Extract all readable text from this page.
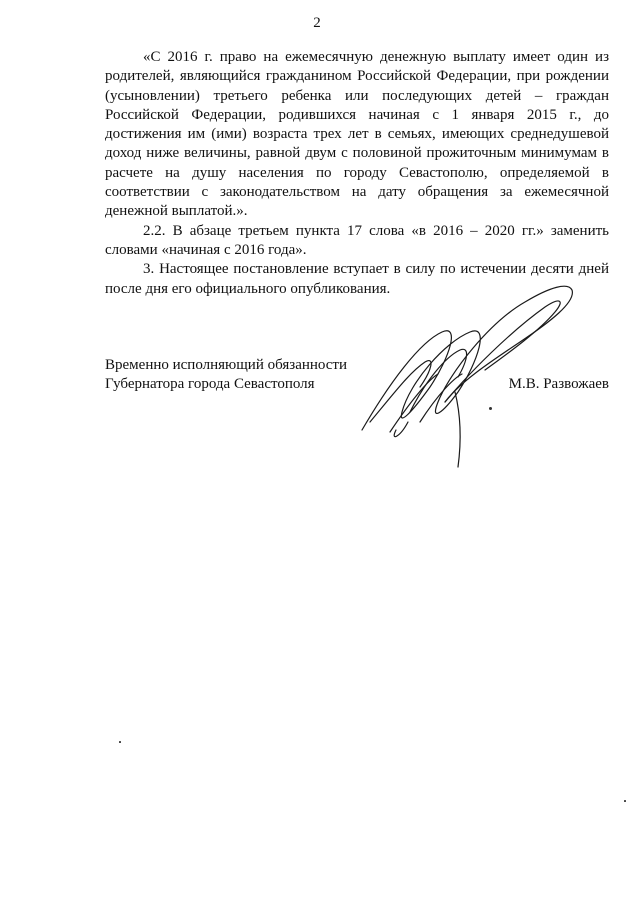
2

«С 2016 г. право на ежемесячную денежную выплату имеет один из родителей, являющийся гражданином Российской Федерации, при рождении (усыновлении) третьего ребенка или последующих детей – граждан Российской Федерации, родившихся начиная с 1 января 2015 г., до достижения им (ими) возраста трех лет в семьях, имеющих среднедушевой доход ниже величины, равной двум с половиной прожиточным минимумам в расчете на душу населения по городу Севастополю, определяемой в соответствии с законодательством на дату обращения за ежемесячной денежной выплатой.».

2.2. В абзаце третьем пункта 17 слова «в 2016 – 2020 гг.» заменить словами «начиная с 2016 года».

3. Настоящее постановление вступает в силу по истечении десяти дней после дня его официального опубликования.

Временно исполняющий обязанности
Губернатора города Севастополя	М.В. Развожаев
